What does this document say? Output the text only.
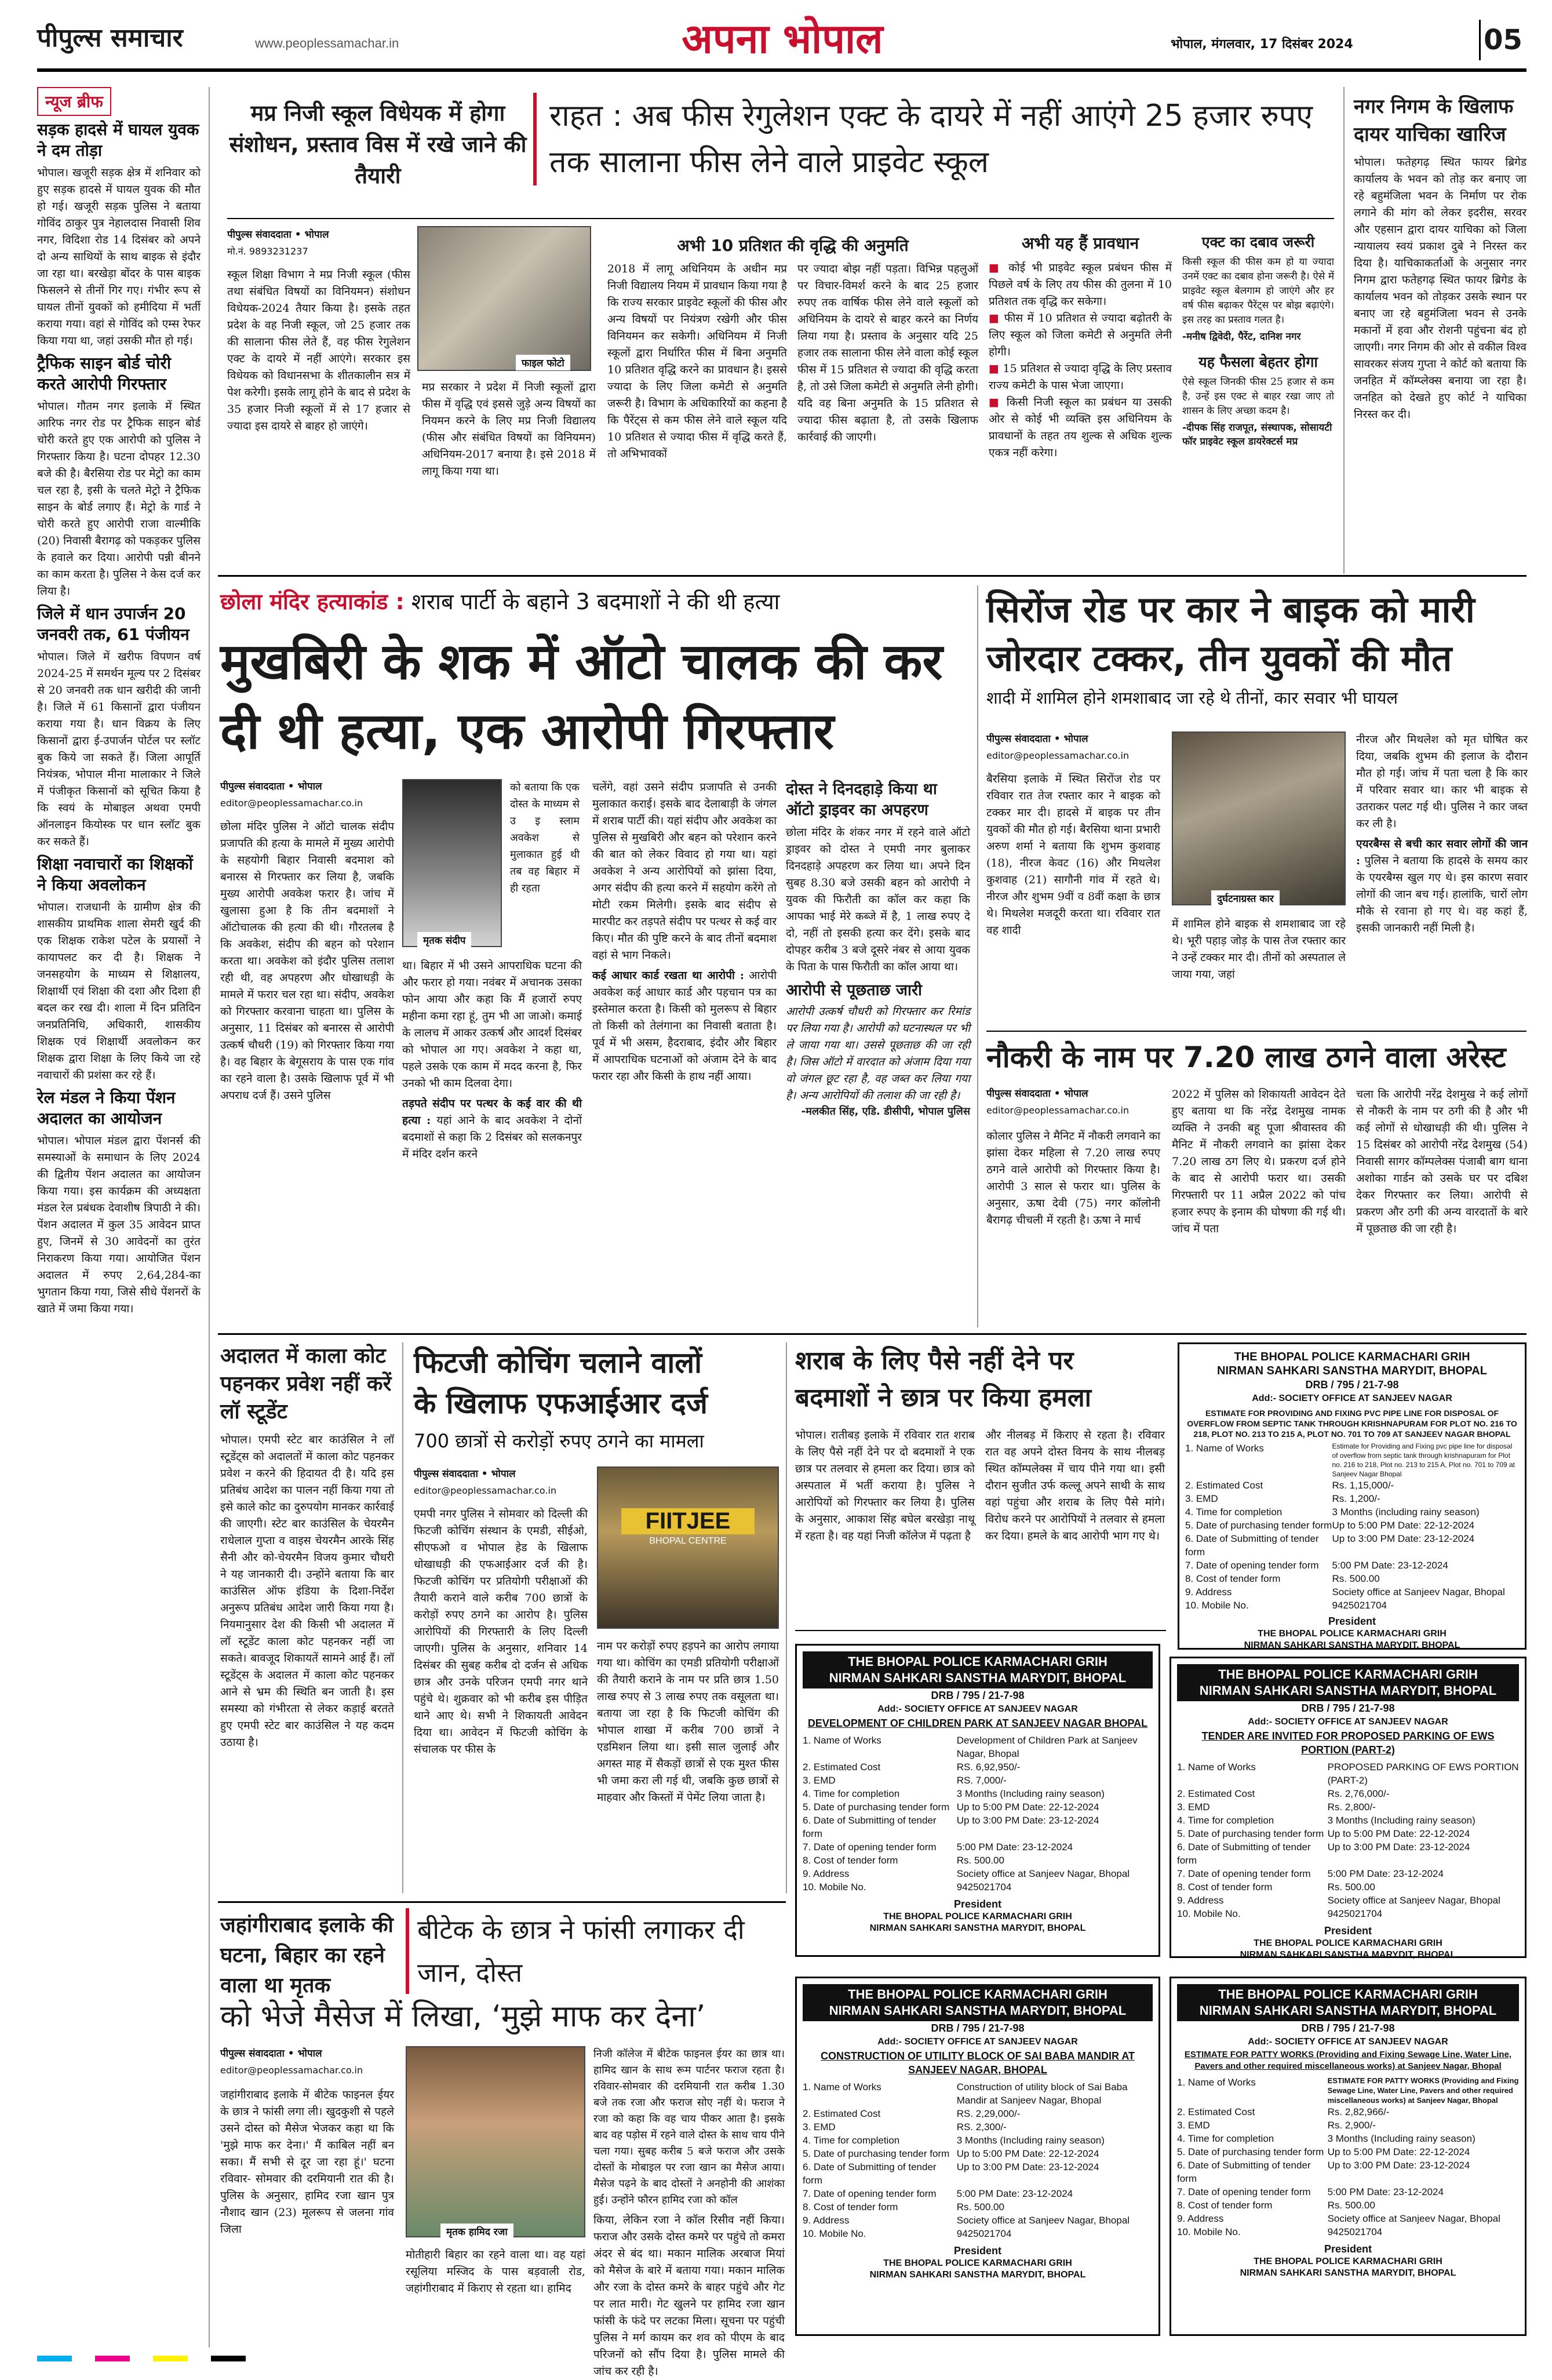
पीपुल्स समाचार	www.peoplessamachar.in	अपना भोपाल	भोपाल, मंगलवार, 17 दिसंबर 2024	05
न्यूज ब्रीफ
सड़क हादसे में घायल युवक ने दम तोड़ा
भोपाल। खजूरी सड़क क्षेत्र में शनिवार को हुए सड़क हादसे में घायल युवक की मौत हो गई। खजूरी सड़क पुलिस ने बताया गोविंद ठाकुर पुत्र नेहालदास निवासी शिव नगर, विदिशा रोड 14 दिसंबर को अपने दो अन्य साथियों के साथ बाइक से इंदौर जा रहा था। बरखेड़ा बोंदर के पास बाइक फिसलने से तीनों गिर गए। गंभीर रूप से घायल तीनों युवकों को हमीदिया में भर्ती कराया गया। वहां से गोविंद को एम्स रेफर किया गया था, जहां उसकी मौत हो गई।
ट्रैफिक साइन बोर्ड चोरी करते आरोपी गिरफ्तार
भोपाल। गौतम नगर इलाके में स्थित आरिफ नगर रोड पर ट्रैफिक साइन बोर्ड चोरी करते हुए एक आरोपी को पुलिस ने गिरफ्तार किया है। घटना दोपहर 12.30 बजे की है। बैरसिया रोड पर मेट्रो का काम चल रहा है, इसी के चलते मेट्रो ने ट्रैफिक साइन के बोर्ड लगाए हैं। मेट्रो के गार्ड ने चोरी करते हुए आरोपी राजा वाल्मीकि (20) निवासी बैरागढ़ को पकड़कर पुलिस के हवाले कर दिया। आरोपी पन्नी बीनने का काम करता है। पुलिस ने केस दर्ज कर लिया है।
जिले में धान उपार्जन 20 जनवरी तक, 61 पंजीयन
भोपाल। जिले में खरीफ विपणन वर्ष 2024-25 में समर्थन मूल्य पर 2 दिसंबर से 20 जनवरी तक धान खरीदी की जानी है। जिले में 61 किसानों द्वारा पंजीयन कराया गया है। धान विक्रय के लिए किसानों द्वारा ई-उपार्जन पोर्टल पर स्लॉट बुक किये जा सकते हैं। जिला आपूर्ति नियंत्रक, भोपाल मीना मालाकार ने जिले में पंजीकृत किसानों को सूचित किया है कि स्वयं के मोबाइल अथवा एमपी ऑनलाइन कियोस्क पर धान स्लॉट बुक कर सकते हैं।
शिक्षा नवाचारों का शिक्षकों ने किया अवलोकन
भोपाल। राजधानी के ग्रामीण क्षेत्र की शासकीय प्राथमिक शाला सेमरी खुर्द की एक शिक्षक राकेश पटेल के प्रयासों ने कायापलट कर दी है। शिक्षक ने जनसहयोग के माध्यम से शिक्षालय, शिक्षार्थी एवं शिक्षा की दशा और दिशा ही बदल कर रख दी। शाला में दिन प्रतिदिन जनप्रतिनिधि, अधिकारी, शासकीय शिक्षक एवं शिक्षार्थी अवलोकन कर शिक्षक द्वारा शिक्षा के लिए किये जा रहे नवाचारों की प्रशंसा कर रहे हैं।
रेल मंडल ने किया पेंशन अदालत का आयोजन
भोपाल। भोपाल मंडल द्वारा पेंशनर्स की समस्याओं के समाधान के लिए 2024 की द्वितीय पेंशन अदालत का आयोजन किया गया। इस कार्यक्रम की अध्यक्षता मंडल रेल प्रबंधक देवाशीष त्रिपाठी ने की। पेंशन अदालत में कुल 35 आवेदन प्राप्त हुए, जिनमें से 30 आवेदनों का तुरंत निराकरण किया गया। आयोजित पेंशन अदालत में रुपए 2,64,284-का भुगतान किया गया, जिसे सीधे पेंशनरों के खाते में जमा किया गया।
मप्र निजी स्कूल विधेयक में होगा संशोधन, प्रस्ताव विस में रखे जाने की तैयारी
राहत : अब फीस रेगुलेशन एक्ट के दायरे में नहीं आएंगे 25 हजार रुपए तक सालाना फीस लेने वाले प्राइवेट स्कूल
पीपुल्स संवाददाता • भोपाल
मो.नं. 9893231237
फाइल फोटो
स्कूल शिक्षा विभाग ने मप्र निजी स्कूल (फीस तथा संबंधित विषयों का विनियमन) संशोधन विधेयक-2024 तैयार किया है। इसके तहत प्रदेश के वह निजी स्कूल, जो 25 हजार तक की सालाना फीस लेते हैं, वह फीस रेगुलेशन एक्ट के दायरे में नहीं आएंगे। सरकार इस विधेयक को विधानसभा के शीतकालीन सत्र में पेश करेगी। इसके लागू होने के बाद से प्रदेश के 35 हजार निजी स्कूलों में से 17 हजार से ज्यादा इस दायरे से बाहर हो जाएंगे।
मप्र सरकार ने प्रदेश में निजी स्कूलों द्वारा फीस में वृद्धि एवं इससे जुड़े अन्य विषयों का नियमन करने के लिए मप्र निजी विद्यालय (फीस और संबंधित विषयों का विनियमन) अधिनियम-2017 बनाया है। इसे 2018 में लागू किया गया था।
अभी 10 प्रतिशत की वृद्धि की अनुमति
2018 में लागू अधिनियम के अधीन मप्र निजी विद्यालय नियम में प्रावधान किया गया है कि राज्य सरकार प्राइवेट स्कूलों की फीस और अन्य विषयों पर नियंत्रण रखेगी और फीस विनियमन कर सकेगी। अधिनियम में निजी स्कूलों द्वारा निर्धारित फीस में बिना अनुमति 10 प्रतिशत वृद्धि करने का प्रावधान है। इससे ज्यादा के लिए जिला कमेटी से अनुमति जरूरी है। विभाग के अधिकारियों का कहना है कि पैरेंट्स से कम फीस लेने वाले स्कूल यदि 10 प्रतिशत से ज्यादा फीस में वृद्धि करते हैं, तो अभिभावकों
पर ज्यादा बोझ नहीं पड़ता। विभिन्न पहलुओं पर विचार-विमर्श करने के बाद 25 हजार रुपए तक वार्षिक फीस लेने वाले स्कूलों को अधिनियम के दायरे से बाहर करने का निर्णय लिया गया है। प्रस्ताव के अनुसार यदि 25 हजार तक सालाना फीस लेने वाला कोई स्कूल फीस में 15 प्रतिशत से ज्यादा की वृद्धि करता है, तो उसे जिला कमेटी से अनुमति लेनी होगी। यदि वह बिना अनुमति के 15 प्रतिशत से ज्यादा फीस बढ़ाता है, तो उसके खिलाफ कार्रवाई की जाएगी।
अभी यह हैं प्रावधान
■ कोई भी प्राइवेट स्कूल प्रबंधन फीस में पिछले वर्ष के लिए तय फीस की तुलना में 10 प्रतिशत तक वृद्धि कर सकेगा।
■ फीस में 10 प्रतिशत से ज्यादा बढ़ोतरी के लिए स्कूल को जिला कमेटी से अनुमति लेनी होगी।
■ 15 प्रतिशत से ज्यादा वृद्धि के लिए प्रस्ताव राज्य कमेटी के पास भेजा जाएगा।
■ किसी निजी स्कूल का प्रबंधन या उसकी ओर से कोई भी व्यक्ति इस अधिनियम के प्रावधानों के तहत तय शुल्क से अधिक शुल्क एकत्र नहीं करेगा।
एक्ट का दबाव जरूरी
किसी स्कूल की फीस कम हो या ज्यादा उनमें एक्ट का दबाव होना जरूरी है। ऐसे में प्राइवेट स्कूल बेलगाम हो जाएंगे और हर वर्ष फीस बढ़ाकर पैरेंट्स पर बोझ बढ़ाएंगे। इस तरह का प्रस्ताव गलत है।
-मनीष द्विवेदी, पैरेंट, दानिश नगर
यह फैसला बेहतर होगा
ऐसे स्कूल जिनकी फीस 25 हजार से कम है, उन्हें इस एक्ट से बाहर रखा जाए तो शासन के लिए अच्छा कदम है।
-दीपक सिंह राजपूत, संस्थापक, सोसायटी फॉर प्राइवेट स्कूल डायरेक्टर्स मप्र
नगर निगम के खिलाफ दायर याचिका खारिज
भोपाल। फतेहगढ़ स्थित फायर ब्रिगेड कार्यालय के भवन को तोड़ कर बनाए जा रहे बहुमंजिला भवन के निर्माण पर रोक लगाने की मांग को लेकर इदरीस, सरवर और एहसान द्वारा दायर याचिका को जिला न्यायालय स्वयं प्रकाश दुबे ने निरस्त कर दिया है। याचिकाकर्ताओं के अनुसार नगर निगम द्वारा फतेहगढ़ स्थित फायर ब्रिगेड के कार्यालय भवन को तोड़कर उसके स्थान पर बनाए जा रहे बहुमंजिला भवन से उनके मकानों में हवा और रोशनी पहुंचना बंद हो जाएगी। नगर निगम की ओर से वकील विश्व सावरकर संजय गुप्ता ने कोर्ट को बताया कि जनहित में कॉम्प्लेक्स बनाया जा रहा है। जनहित को देखते हुए कोर्ट ने याचिका निरस्त कर दी।
छोला मंदिर हत्याकांड : शराब पार्टी के बहाने 3 बदमाशों ने की थी हत्या
मुखबिरी के शक में ऑटो चालक की कर दी थी हत्या, एक आरोपी गिरफ्तार
पीपुल्स संवाददाता • भोपाल
editor@peoplessamachar.co.in
मृतक संदीप
को बताया कि एक दोस्त के माध्यम से उ इ स्लाम अवकेश से मुलाकात हुई थी तब वह बिहार में ही रहता
छोला मंदिर पुलिस ने ऑटो चालक संदीप प्रजापति की हत्या के मामले में मुख्य आरोपी के सहयोगी बिहार निवासी बदमाश को बनारस से गिरफ्तार कर लिया है, जबकि मुख्य आरोपी अवकेश फरार है। जांच में खुलासा हुआ है कि तीन बदमाशों ने ऑटोचालक की हत्या की थी। गौरतलब है कि अवकेश, संदीप की बहन को परेशान करता था। अवकेश को इंदौर पुलिस तलाश रही थी, वह अपहरण और धोखाधड़ी के मामले में फरार चल रहा था। संदीप, अवकेश को गिरफ्तार करवाना चाहता था। पुलिस के अनुसार, 11 दिसंबर को बनारस से आरोपी उत्कर्ष चौधरी (19) को गिरफ्तार किया गया है। वह बिहार के बेगूसराय के पास एक गांव का रहने वाला है। उसके खिलाफ पूर्व में भी अपराध दर्ज हैं। उसने पुलिस
था। बिहार में भी उसने आपराधिक घटना की और फरार हो गया। नवंबर में अचानक उसका फोन आया और कहा कि मैं हजारों रुपए महीना कमा रहा हूं, तुम भी आ जाओ। कमाई के लालच में आकर उत्कर्ष और आदर्श दिसंबर को भोपाल आ गए। अवकेश ने कहा था, पहले उसके एक काम में मदद करना है, फिर उनको भी काम दिलवा देगा।

तड़पते संदीप पर पत्थर के कई वार की थी हत्या : यहां आने के बाद अवकेश ने दोनों बदमाशों से कहा कि 2 दिसंबर को सलकनपुर में मंदिर दर्शन करने

चलेंगे, वहां उसने संदीप प्रजापति से उनकी मुलाकात कराई। इसके बाद देलाबाड़ी के जंगल में शराब पार्टी की। यहां संदीप और अवकेश का पुलिस से मुखबिरी और बहन को परेशान करने की बात को लेकर विवाद हो गया था। यहां अवकेश ने अन्य आरोपियों को झांसा दिया, अगर संदीप की हत्या करने में सहयोग करेंगे तो मोटी रकम मिलेगी। इसके बाद संदीप से मारपीट कर तड़पते संदीप पर पत्थर से कई वार किए। मौत की पुष्टि करने के बाद तीनों बदमाश वहां से भाग निकले।

कई आधार कार्ड रखता था आरोपी : आरोपी अवकेश कई आधार कार्ड और पहचान पत्र का इस्तेमाल करता है। किसी को मुलरूप से बिहार तो किसी को तेलंगाना का निवासी बताता है। पूर्व में भी असम, हैदराबाद, इंदौर और बिहार में आपराधिक घटनाओं को अंजाम देने के बाद फरार रहा और किसी के हाथ नहीं आया।

दोस्त ने दिनदहाड़े किया था ऑटो ड्राइवर का अपहरण
छोला मंदिर के शंकर नगर में रहने वाले ऑटो ड्राइवर को दोस्त ने एमपी नगर बुलाकर दिनदहाड़े अपहरण कर लिया था। अपने दिन सुबह 8.30 बजे उसकी बहन को आरोपी ने युवक की फिरौती का कॉल कर कहा कि आपका भाई मेरे कब्जे में है, 1 लाख रुपए दे दो, नहीं तो इसकी हत्या कर देंगे। इसके बाद दोपहर करीब 3 बजे दूसरे नंबर से आया युवक के पिता के पास फिरौती का कॉल आया था।
आरोपी से पूछताछ जारी
आरोपी उत्कर्ष चौधरी को गिरफ्तार कर रिमांड पर लिया गया है। आरोपी को घटनास्थल पर भी ले जाया गया था। उससे पूछताछ की जा रही है। जिस ऑटो में वारदात को अंजाम दिया गया वो जंगल छूट रहा है, वह जब्त कर लिया गया है। अन्य आरोपियों की तलाश की जा रही है।
-मलकीत सिंह, एडि. डीसीपी, भोपाल पुलिस
सिरोंज रोड पर कार ने बाइक को मारी
जोरदार टक्कर, तीन युवकों की मौत
शादी में शामिल होने शमशाबाद जा रहे थे तीनों, कार सवार भी घायल
पीपुल्स संवाददाता • भोपाल
editor@peoplessamachar.co.in
बैरसिया इलाके में स्थित सिरोंज रोड पर रविवार रात तेज रफ्तार कार ने बाइक को टक्कर मार दी। हादसे में बाइक पर तीन युवकों की मौत हो गई। बैरसिया थाना प्रभारी अरुण शर्मा ने बताया कि शुभम कुशवाह (18), नीरज केवट (16) और मिथलेश कुशवाह (21) सागौनी गांव में रहते थे। नीरज और शुभम 9वीं व 8वीं कक्षा के छात्र थे। मिथलेश मजदूरी करता था। रविवार रात वह शादी
दुर्घटनाग्रस्त कार
में शामिल होने बाइक से शमशाबाद जा रहे थे। भूरी पहाड़ जोड़ के पास तेज रफ्तार कार ने उन्हें टक्कर मार दी। तीनों को अस्पताल ले जाया गया, जहां
नीरज और मिथलेश को मृत घोषित कर दिया, जबकि शुभम की इलाज के दौरान मौत हो गई। जांच में पता चला है कि कार में परिवार सवार था। कार भी बाइक से उतराकर पलट गई थी। पुलिस ने कार जब्त कर ली है।

एयरबैग्स से बची कार सवार लोगों की जान : पुलिस ने बताया कि हादसे के समय कार के एयरबैग्स खुल गए थे। इस कारण सवार लोगों की जान बच गई। हालांकि, चारों लोग मौके से रवाना हो गए थे। वह कहां हैं, इसकी जानकारी नहीं मिली है।

नौकरी के नाम पर 7.20 लाख ठगने वाला अरेस्ट
पीपुल्स संवाददाता • भोपाल
editor@peoplessamachar.co.in
कोलार पुलिस ने मैनिट में नौकरी लगवाने का झांसा देकर महिला से 7.20 लाख रुपए ठगने वाले आरोपी को गिरफ्तार किया है। आरोपी 3 साल से फरार था। पुलिस के अनुसार, ऊषा देवी (75) नगर कॉलोनी बैरागढ़ चीचली में रहती है। ऊषा ने मार्च
2022 में पुलिस को शिकायती आवेदन देते हुए बताया था कि नरेंद्र देशमुख नामक व्यक्ति ने उनकी बहू पूजा श्रीवास्तव की मैनिट में नौकरी लगवाने का झांसा देकर 7.20 लाख ठग लिए थे। प्रकरण दर्ज होने के बाद से आरोपी फरार था। उसकी गिरफ्तारी पर 11 अप्रैल 2022 को पांच हजार रुपए के इनाम की घोषणा की गई थी। जांच में पता
चला कि आरोपी नरेंद्र देशमुख ने कई लोगों से नौकरी के नाम पर ठगी की है और भी कई लोगों से धोखाधड़ी की थी। पुलिस ने 15 दिसंबर को आरोपी नरेंद्र देशमुख (54) निवासी सागर कॉम्पलेक्स पंजाबी बाग थाना अशोका गार्डन को उसके घर पर दबिश देकर गिरफ्तार कर लिया। आरोपी से प्रकरण और ठगी की अन्य वारदातों के बारे में पूछताछ की जा रही है।
अदालत में काला कोट पहनकर प्रवेश नहीं करें लॉ स्टूडेंट
भोपाल। एमपी स्टेट बार काउंसिल ने लॉ स्टूडेंट्स को अदालतों में काला कोट पहनकर प्रवेश न करने की हिदायत दी है। यदि इस प्रतिबंध आदेश का पालन नहीं किया गया तो इसे काले कोट का दुरुपयोग मानकर कार्रवाई की जाएगी। स्टेट बार काउंसिल के चेयरमैन राधेलाल गुप्ता व वाइस चेयरमैन आरके सिंह सैनी और को-चेयरमैन विजय कुमार चौधरी ने यह जानकारी दी। उन्होंने बताया कि बार काउंसिल ऑफ इंडिया के दिशा-निर्देश अनुरूप प्रतिबंध आदेश जारी किया गया है। नियमानुसार देश की किसी भी अदालत में लॉ स्टूडेंट काला कोट पहनकर नहीं जा सकते। बावजूद शिकायतें सामने आई हैं। लॉ स्टूडेंट्स के अदालत में काला कोट पहनकर आने से भ्रम की स्थिति बन जाती है। इस समस्या को गंभीरता से लेकर कड़ाई बरतते हुए एमपी स्टेट बार काउंसिल ने यह कदम उठाया है।
फिटजी कोचिंग चलाने वालों
के खिलाफ एफआईआर दर्ज
700 छात्रों से करोड़ों रुपए ठगने का मामला
पीपुल्स संवाददाता • भोपाल
editor@peoplessamachar.co.in
एमपी नगर पुलिस ने सोमवार को दिल्ली की फिटजी कोचिंग संस्थान के एमडी, सीईओ, सीएफओ व भोपाल हेड के खिलाफ धोखाधड़ी की एफआईआर दर्ज की है। फिटजी कोचिंग पर प्रतियोगी परीक्षाओं की तैयारी कराने वाले करीब 700 छात्रों के करोड़ों रुपए ठगने का आरोप है। पुलिस आरोपियों की गिरफ्तारी के लिए दिल्ली जाएगी। पुलिस के अनुसार, शनिवार 14 दिसंबर की सुबह करीब दो दर्जन से अधिक छात्र और उनके परिजन एमपी नगर थाने पहुंचे थे। शुक्रवार को भी करीब इस पीड़ित थाने आए थे। सभी ने शिकायती आवेदन दिया था। आवेदन में फिटजी कोचिंग के संचालक पर फीस के
FIITJEE
BHOPAL CENTRE
नाम पर करोड़ों रुपए हड़पने का आरोप लगाया गया था। कोचिंग का एमडी प्रतियोगी परीक्षाओं की तैयारी कराने के नाम पर प्रति छात्र 1.50 लाख रुपए से 3 लाख रुपए तक वसूलता था। बताया जा रहा है कि फिटजी कोचिंग की भोपाल शाखा में करीब 700 छात्रों ने एडमिशन लिया था। इसी साल जुलाई और अगस्त माह में सैकड़ों छात्रों से एक मुश्त फीस भी जमा करा ली गई थी, जबकि कुछ छात्रों से माहवार और किस्तों में पेमेंट लिया जाता है।
शराब के लिए पैसे नहीं देने पर
बदमाशों ने छात्र पर किया हमला
भोपाल। रातीबड़ इलाके में रविवार रात शराब के लिए पैसे नहीं देने पर दो बदमाशों ने एक छात्र पर तलवार से हमला कर दिया। छात्र को अस्पताल में भर्ती कराया है। पुलिस ने आरोपियों को गिरफ्तार कर लिया है। पुलिस के अनुसार, आकाश सिंह बघेल बरखेड़ा नाथू में रहता है। वह यहां निजी कॉलेज में पढ़ता है
और नीलबड़ में किराए से रहता है। रविवार रात वह अपने दोस्त विनय के साथ नीलबड़ स्थित कॉम्पलेक्स में चाय पीने गया था। इसी दौरान सुजीत उर्फ कल्लू अपने साथी के साथ वहां पहुंचा और शराब के लिए पैसे मांगे। विरोध करने पर आरोपियों ने तलवार से हमला कर दिया। हमले के बाद आरोपी भाग गए थे।
THE BHOPAL POLICE KARMACHARI GRIH
NIRMAN SAHKARI SANSTHA MARYDIT, BHOPAL
DRB / 795 / 21-7-98
Add:- SOCIETY OFFICE AT SANJEEV NAGAR
ESTIMATE FOR PROVIDING AND FIXING PVC PIPE LINE FOR DISPOSAL OF OVERFLOW FROM SEPTIC TANK THROUGH KRISHNAPURAM FOR PLOT NO. 216 TO 218, PLOT NO. 213 TO 215 A, PLOT NO. 701 TO 709 AT SANJEEV NAGAR BHOPAL
1. Name of Works	Estimate for Providing and Fixing pvc pipe line for disposal of overflow from septic tank through krishnapuram for Plot no. 216 to 218, Plot no. 213 to 215 A, Plot no. 701 to 709 at Sanjeev Nagar Bhopal
2. Estimated Cost	Rs. 1,15,000/-
3. EMD	Rs. 1,200/-
4. Time for completion	3 Months (including rainy season)
5. Date of purchasing tender form Up to 5:00 PM Date: 22-12-2024
6. Date of Submitting of tender form
Up to 3:00 PM Date: 23-12-2024
7. Date of opening tender form	5:00 PM Date: 23-12-2024
8. Cost of tender form	Rs. 500.00
9. Address	Society office at Sanjeev Nagar, Bhopal
10. Mobile No.	9425021704
President
THE BHOPAL POLICE KARMACHARI GRIH
NIRMAN SAHKARI SANSTHA MARYDIT, BHOPAL
THE BHOPAL POLICE KARMACHARI GRIH
NIRMAN SAHKARI SANSTHA MARYDIT, BHOPAL
DRB / 795 / 21-7-98
Add:- SOCIETY OFFICE AT SANJEEV NAGAR
DEVELOPMENT OF CHILDREN PARK AT SANJEEV NAGAR BHOPAL
1. Name of Works	Development of Children Park at Sanjeev Nagar, Bhopal
2. Estimated Cost	RS. 6,92,950/-
3. EMD	RS. 7,000/-
4. Time for completion	3 Months (Including rainy season)
5. Date of purchasing tender form Up to 5:00 PM Date: 22-12-2024
6. Date of Submitting of tender form
Up to 3:00 PM Date: 23-12-2024
7. Date of opening tender form	5:00 PM Date: 23-12-2024
8. Cost of tender form	Rs. 500.00
9. Address	Society office at Sanjeev Nagar, Bhopal
10. Mobile No.	9425021704
President
THE BHOPAL POLICE KARMACHARI GRIH
NIRMAN SAHKARI SANSTHA MARYDIT, BHOPAL
THE BHOPAL POLICE KARMACHARI GRIH
NIRMAN SAHKARI SANSTHA MARYDIT, BHOPAL
DRB / 795 / 21-7-98
Add:- SOCIETY OFFICE AT SANJEEV NAGAR
TENDER ARE INVITED FOR PROPOSED PARKING OF EWS PORTION (PART-2)
1. Name of Works	PROPOSED PARKING OF EWS PORTION (PART-2)
2. Estimated Cost	Rs. 2,76,000/-
3. EMD	Rs. 2,800/-
4. Time for completion	3 Months (Including rainy season)
5. Date of purchasing tender form Up to 5:00 PM Date: 22-12-2024
6. Date of Submitting of tender form
Up to 3:00 PM Date: 23-12-2024
7. Date of opening tender form	5:00 PM Date: 23-12-2024
8. Cost of tender form	Rs. 500.00
9. Address	Society office at Sanjeev Nagar, Bhopal
10. Mobile No.	9425021704
President
THE BHOPAL POLICE KARMACHARI GRIH
NIRMAN SAHKARI SANSTHA MARYDIT, BHOPAL
THE BHOPAL POLICE KARMACHARI GRIH
NIRMAN SAHKARI SANSTHA MARYDIT, BHOPAL
DRB / 795 / 21-7-98
Add:- SOCIETY OFFICE AT SANJEEV NAGAR
CONSTRUCTION OF UTILITY BLOCK OF SAI BABA MANDIR AT SANJEEV NAGAR, BHOPAL
1. Name of Works	Construction of utility block of Sai Baba Mandir at Sanjeev Nagar, Bhopal
2. Estimated Cost	RS. 2,29,000/-
3. EMD	RS. 2,300/-
4. Time for completion	3 Months (Including rainy season)
5. Date of purchasing tender form Up to 5:00 PM Date: 22-12-2024
6. Date of Submitting of tender form
Up to 3:00 PM Date: 23-12-2024
7. Date of opening tender form	5:00 PM Date: 23-12-2024
8. Cost of tender form	Rs. 500.00
9. Address	Society office at Sanjeev Nagar, Bhopal
10. Mobile No.	9425021704
President
THE BHOPAL POLICE KARMACHARI GRIH
NIRMAN SAHKARI SANSTHA MARYDIT, BHOPAL
THE BHOPAL POLICE KARMACHARI GRIH
NIRMAN SAHKARI SANSTHA MARYDIT, BHOPAL
DRB / 795 / 21-7-98
Add:- SOCIETY OFFICE AT SANJEEV NAGAR
ESTIMATE FOR PATTY WORKS (Providing and Fixing Sewage Line, Water Line, Pavers and other required miscellaneous works) at Sanjeev Nagar, Bhopal
1. Name of Works	ESTIMATE FOR PATTY WORKS (Providing and Fixing Sewage Line, Water Line, Pavers and other required miscellaneous works) at Sanjeev Nagar, Bhopal
2. Estimated Cost	Rs. 2,82,966/-
3. EMD	Rs. 2,900/-
4. Time for completion	3 Months (Including rainy season)
5. Date of purchasing tender form Up to 5:00 PM Date: 22-12-2024
6. Date of Submitting of tender form
Up to 3:00 PM Date: 23-12-2024
7. Date of opening tender form	5:00 PM Date: 23-12-2024
8. Cost of tender form	Rs. 500.00
9. Address	Society office at Sanjeev Nagar, Bhopal
10. Mobile No.	9425021704
President
THE BHOPAL POLICE KARMACHARI GRIH
NIRMAN SAHKARI SANSTHA MARYDIT, BHOPAL
जहांगीराबाद इलाके की घटना, बिहार का रहने वाला था मृतक
बीटेक के छात्र ने फांसी लगाकर दी जान, दोस्त
को भेजे मैसेज में लिखा, ‘मुझे माफ कर देना’
पीपुल्स संवाददाता • भोपाल
editor@peoplessamachar.co.in
जहांगीराबाद इलाके में बीटेक फाइनल ईयर के छात्र ने फांसी लगा ली। खुदकुशी से पहले उसने दोस्त को मैसेज भेजकर कहा था कि 'मुझे माफ कर देना।' मैं काबिल नहीं बन सका। मैं सभी से दूर जा रहा हूं।' घटना रविवार- सोमवार की दरमियानी रात की है। पुलिस के अनुसार, हामिद रजा खान पुत्र नौशाद खान (23) मूलरूप से जलना गांव जिला	मृतक हामिद रजा
मोतीहारी बिहार का रहने वाला था। वह यहां रसूलिया मस्जिद के पास बड़वाली रोड, जहांगीराबाद में किराए से रहता था। हामिद
निजी कॉलेज में बीटेक फाइनल ईयर का छात्र था। हामिद खान के साथ रूम पार्टनर फराज रहता है। रविवार-सोमवार की दरमियानी रात करीब 1.30 बजे तक रजा और फराज सोए नहीं थे। फराज ने रजा को कहा कि वह चाय पीकर आता है। इसके बाद वह पड़ोस में रहने वाले दोस्त के साथ चाय पीने चला गया। सुबह करीब 5 बजे फराज और उसके दोस्तों के मोबाइल पर रजा खान का मैसेज आया। मैसेज पढ़ने के बाद दोस्तों ने अनहोनी की आशंका हुई। उन्होंने फौरन हामिद रजा को कॉल
किया, लेकिन रजा ने कॉल रिसीव नहीं किया। फराज और उसके दोस्त कमरे पर पहुंचे तो कमरा अंदर से बंद था। मकान मालिक अरबाज मियां को मैसेज के बारे में बताया गया। मकान मालिक और रजा के दोस्त कमरे के बाहर पहुंचे और गेट पर लात मारी। गेट खुलने पर हामिद रजा खान फांसी के फंदे पर लटका मिला। सूचना पर पहुंची पुलिस ने मर्ग कायम कर शव को पीएम के बाद परिजनों को सौंप दिया है। पुलिस मामले की जांच कर रही है।
